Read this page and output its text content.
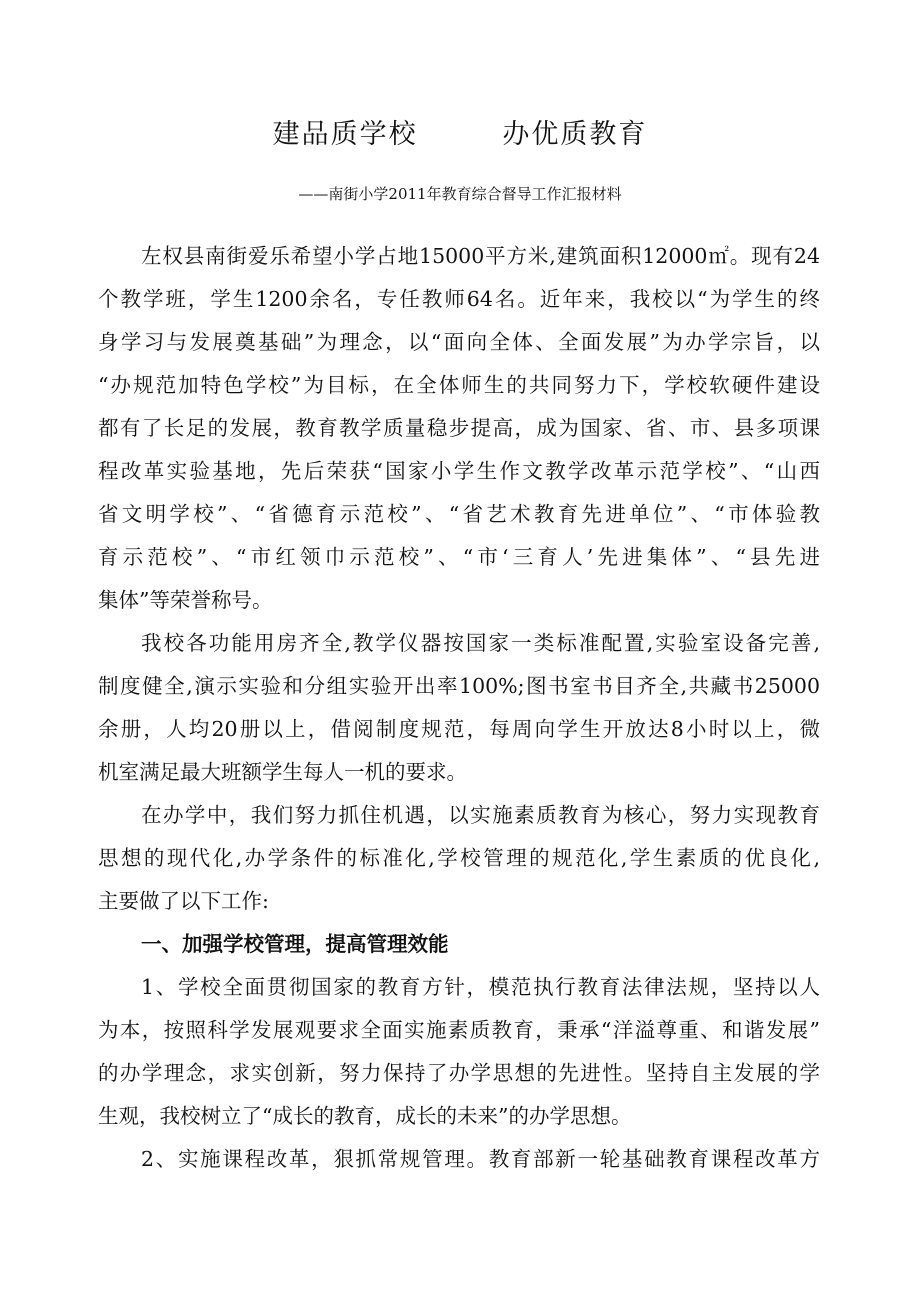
建品质学校        办优质教育
——南街小学2011年教育综合督导工作汇报材料
左权县南街爱乐希望小学占地15000平方米,建筑面积12000㎡。现有24
个教学班，学生1200余名，专任教师64名。近年来，我校以“为学生的终
身学习与发展奠基础”为理念，以“面向全体、全面发展”为办学宗旨，以
“办规范加特色学校”为目标，在全体师生的共同努力下，学校软硬件建设
都有了长足的发展，教育教学质量稳步提高，成为国家、省、市、县多项课
程改革实验基地，先后荣获“国家小学生作文教学改革示范学校”、“山西
省文明学校”、“省德育示范校”、“省艺术教育先进单位”、“市体验教
育示范校”、“市红领巾示范校”、“市‘三育人’先进集体”、“县先进
集体”等荣誉称号。
我校各功能用房齐全,教学仪器按国家一类标准配置,实验室设备完善,
制度健全,演示实验和分组实验开出率100%;图书室书目齐全,共藏书25000
余册，人均20册以上，借阅制度规范，每周向学生开放达8小时以上，微
机室满足最大班额学生每人一机的要求。
在办学中，我们努力抓住机遇，以实施素质教育为核心，努力实现教育
思想的现代化,办学条件的标准化,学校管理的规范化,学生素质的优良化,
主要做了以下工作:
一、加强学校管理，提高管理效能
1、学校全面贯彻国家的教育方针，模范执行教育法律法规，坚持以人
为本，按照科学发展观要求全面实施素质教育，秉承“洋溢尊重、和谐发展”
的办学理念，求实创新，努力保持了办学思想的先进性。坚持自主发展的学
生观，我校树立了“成长的教育，成长的未来”的办学思想。
2、实施课程改革，狠抓常规管理。教育部新一轮基础教育课程改革方
